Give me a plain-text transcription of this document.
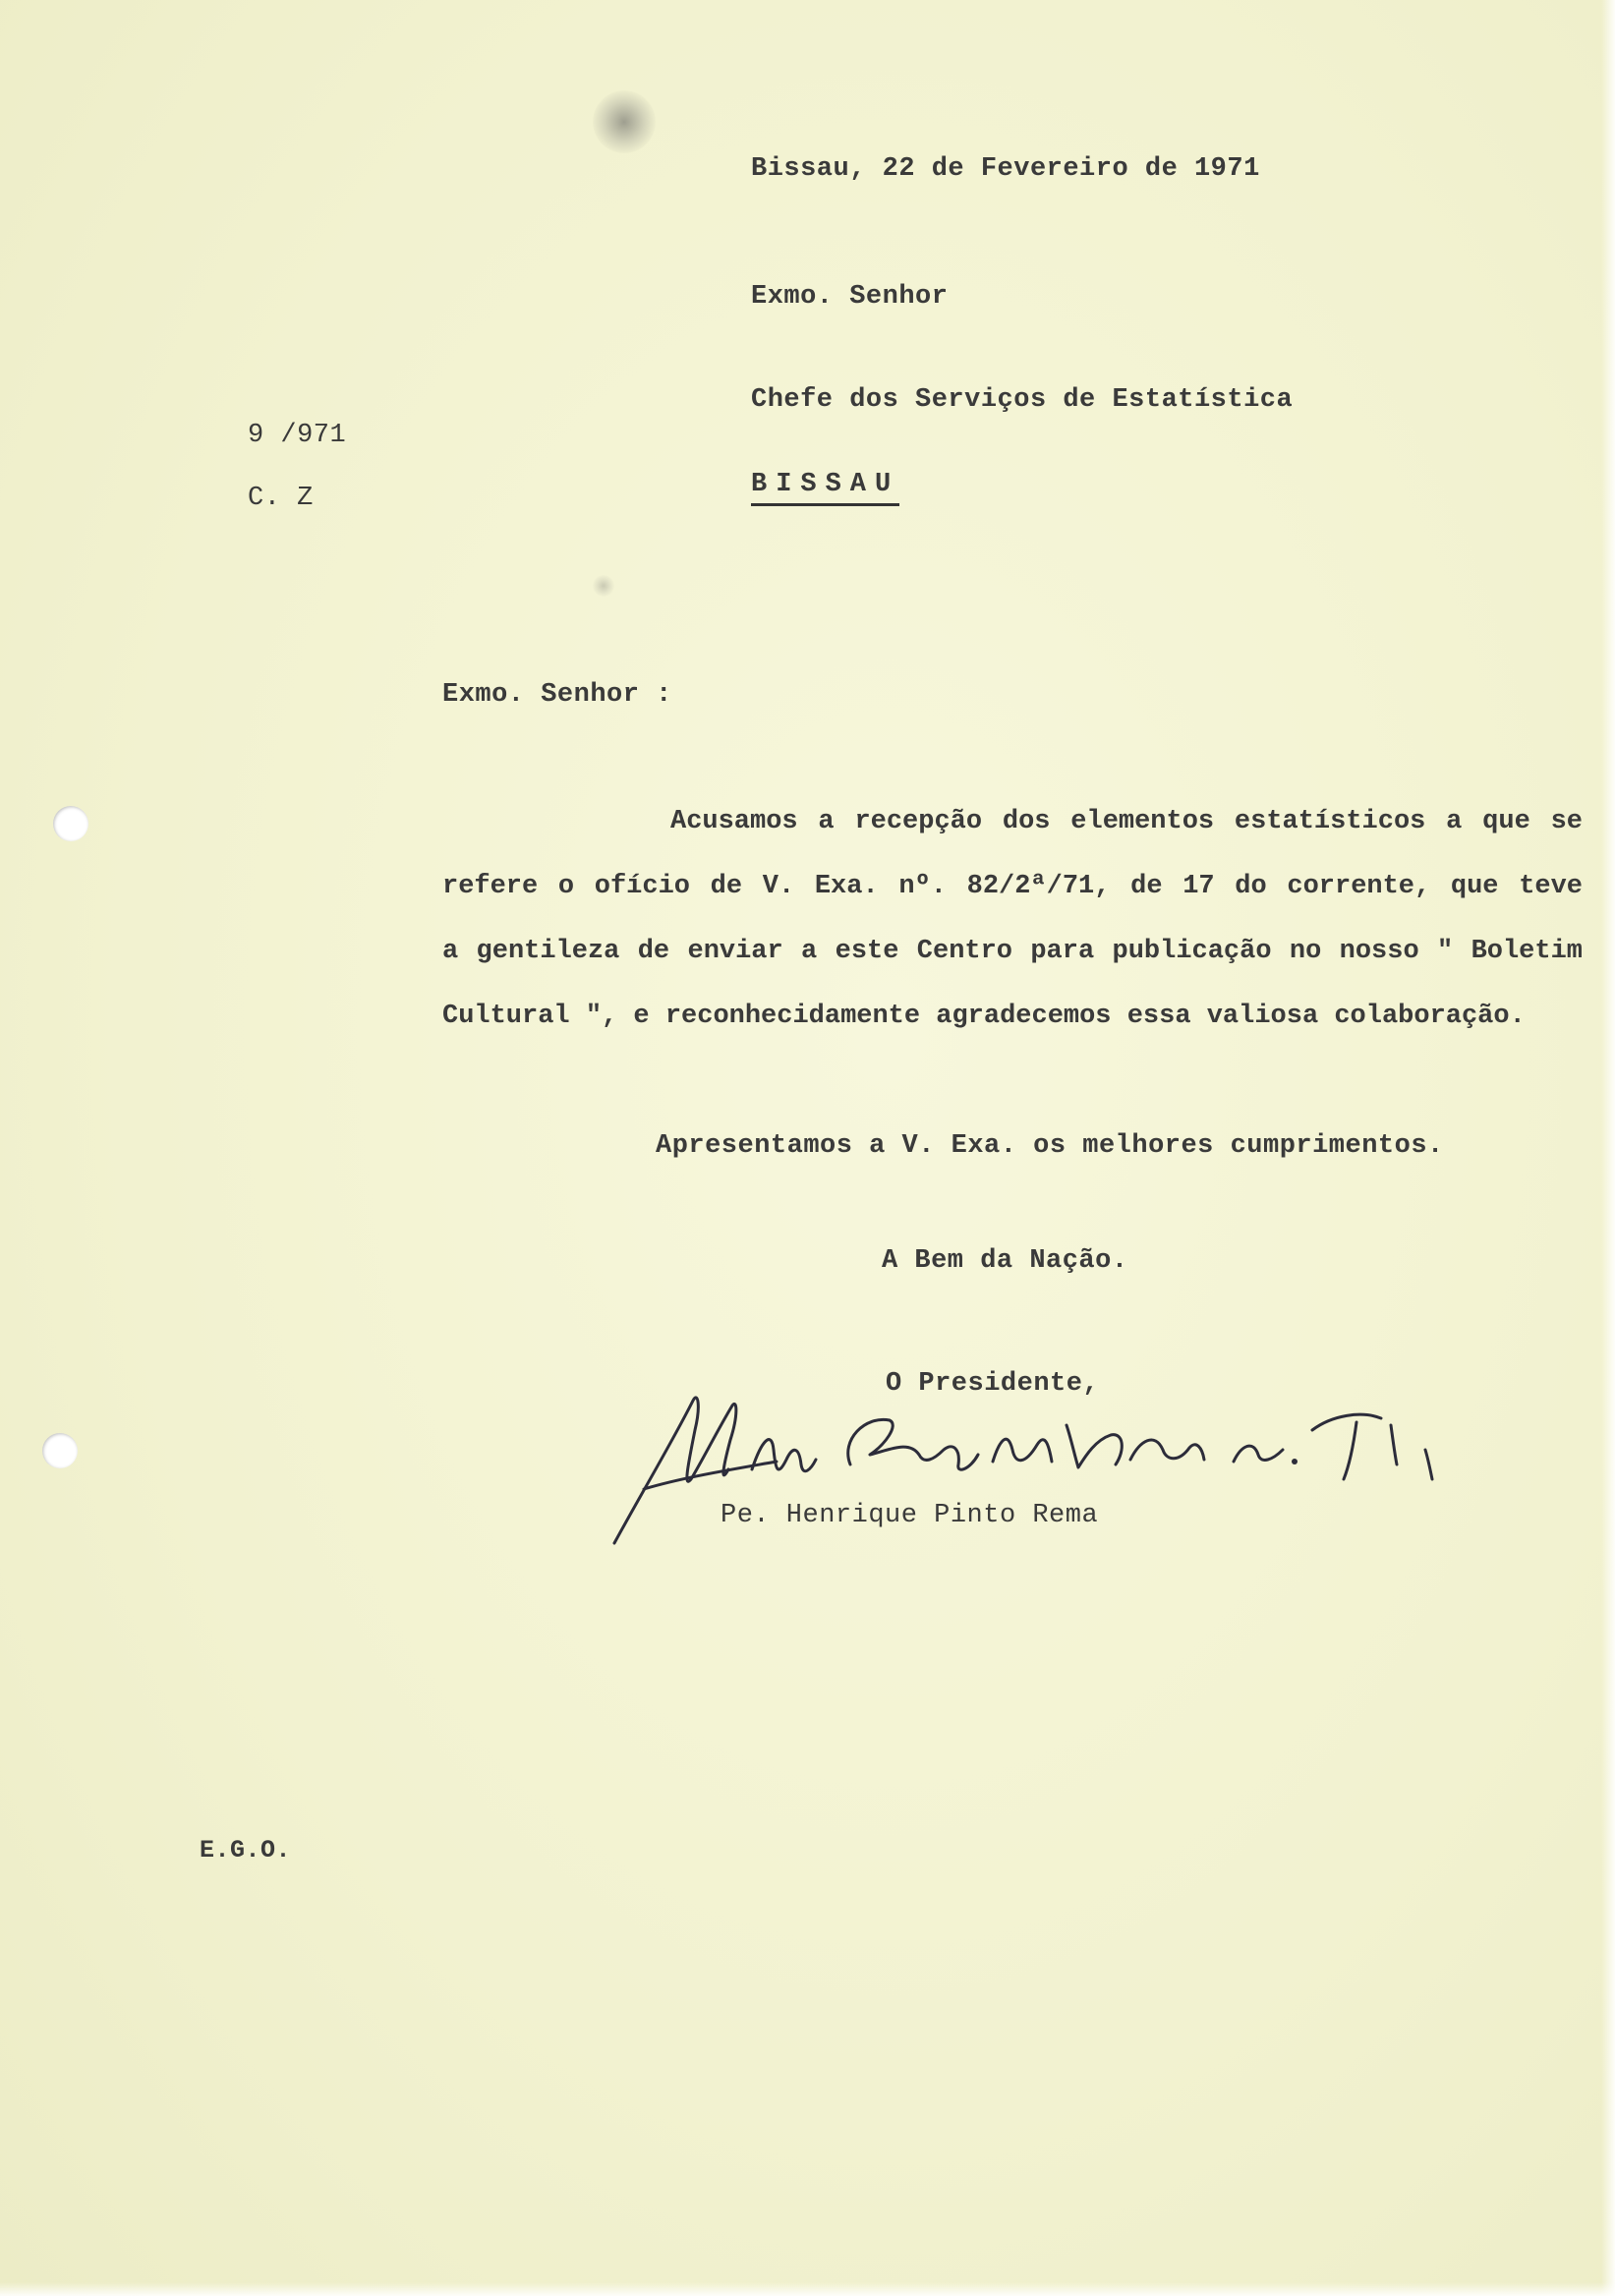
Bissau, 22 de Fevereiro de 1971
Exmo. Senhor
Chefe dos Serviços de Estatística
9 /971
BISSAU
C. Z
Exmo. Senhor :
Acusamos a recepção dos elementos estatísticos a que se
refere o ofício de V. Exa. nº. 82/2ª/71, de 17 do corrente, que teve
a gentileza de enviar a este Centro para publicação no nosso " Boletim
Cultural ", e reconhecidamente agradecemos essa valiosa colaboração.
Apresentamos a V. Exa. os melhores cumprimentos.
A Bem da Nação.
O Presidente,
Pe. Henrique Pinto Rema
E.G.O.
